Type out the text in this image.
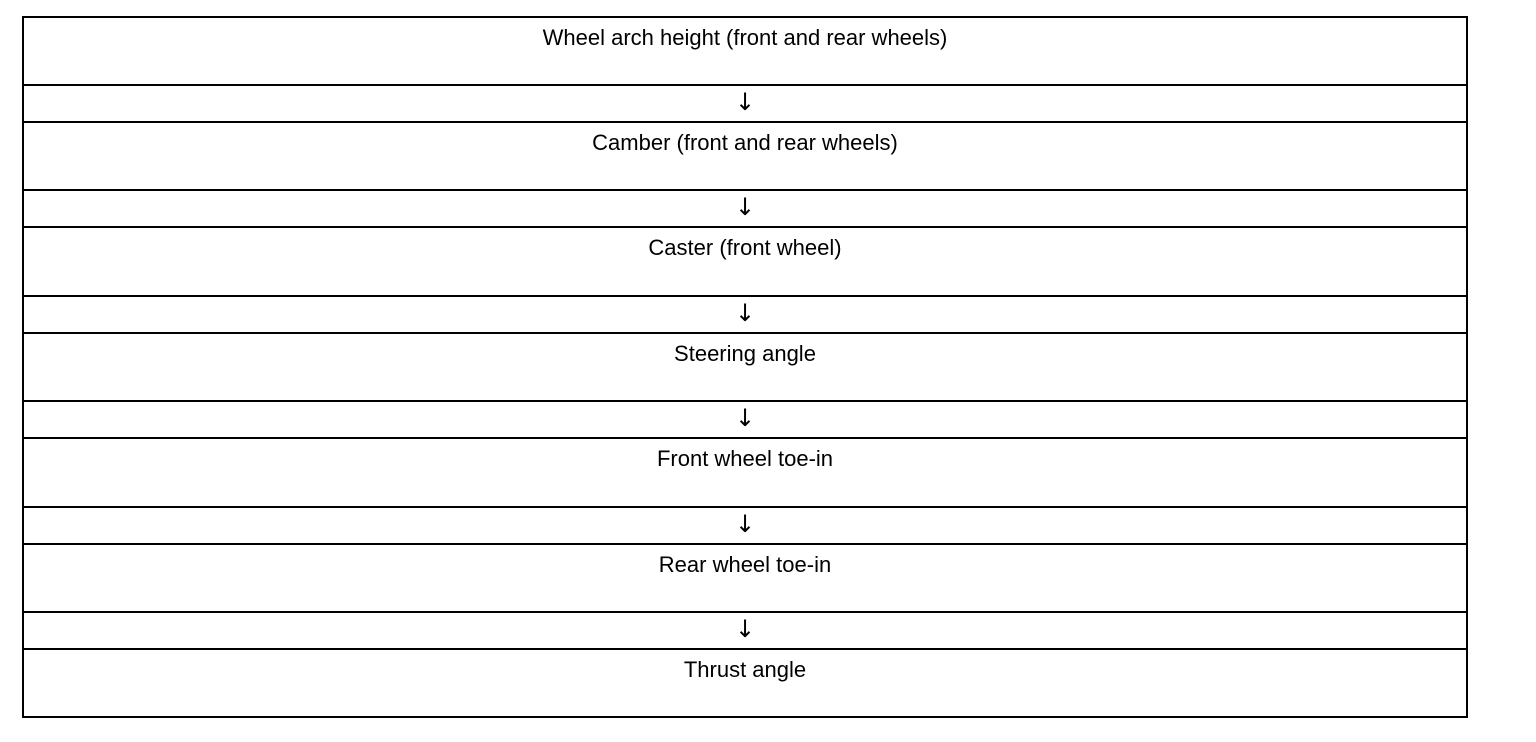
Wheel arch height (front and rear wheels)
↓
Camber (front and rear wheels)
↓
Caster (front wheel)
↓
Steering angle
↓
Front wheel toe-in
↓
Rear wheel toe-in
↓
Thrust angle
